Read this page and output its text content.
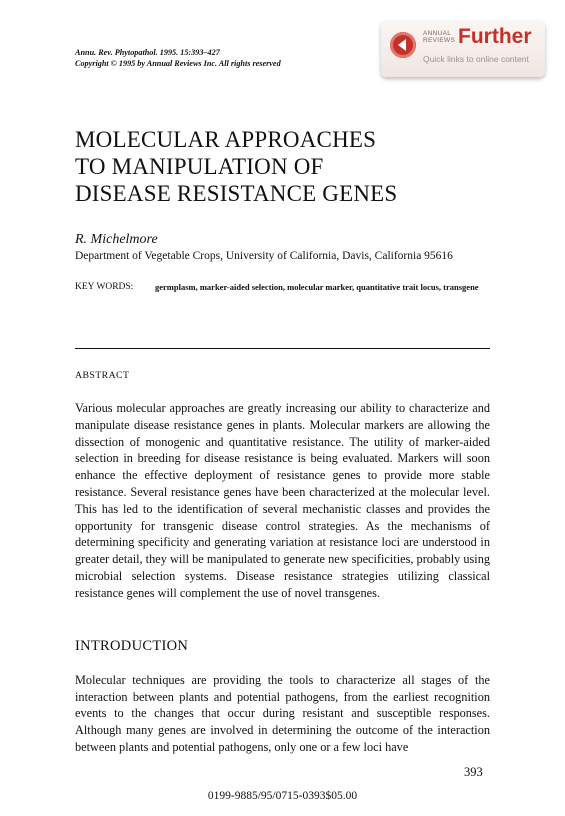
Annu. Rev. Phytopathol. 1995. 15:393–427
Copyright © 1995 by Annual Reviews Inc. All rights reserved
ANNUAL
REVIEWS Further
Quick links to online content
MOLECULAR APPROACHES
TO MANIPULATION OF
DISEASE RESISTANCE GENES
R. Michelmore
Department of Vegetable Crops, University of California, Davis, California 95616
KEY WORDS:	germplasm, marker-aided selection, molecular marker, quantitative trait locus, transgene
ABSTRACT
Various molecular approaches are greatly increasing our ability to characterize and manipulate disease resistance genes in plants. Molecular markers are allowing the dissection of monogenic and quantitative resistance. The utility of marker-aided selection in breeding for disease resistance is being evaluated. Markers will soon enhance the effective deployment of resistance genes to provide more stable resistance. Several resistance genes have been characterized at the molecular level. This has led to the identification of several mechanistic classes and provides the opportunity for transgenic disease control strategies. As the mechanisms of determining specificity and generating variation at resistance loci are understood in greater detail, they will be manipulated to generate new specificities, probably using microbial selection systems. Disease resistance strategies utilizing classical resistance genes will complement the use of novel transgenes.
INTRODUCTION
Molecular techniques are providing the tools to characterize all stages of the interaction between plants and potential pathogens, from the earliest recognition events to the changes that occur during resistant and susceptible responses. Although many genes are involved in determining the outcome of the interaction between plants and potential pathogens, only one or a few loci have
393
0199-9885/95/0715-0393$05.00
